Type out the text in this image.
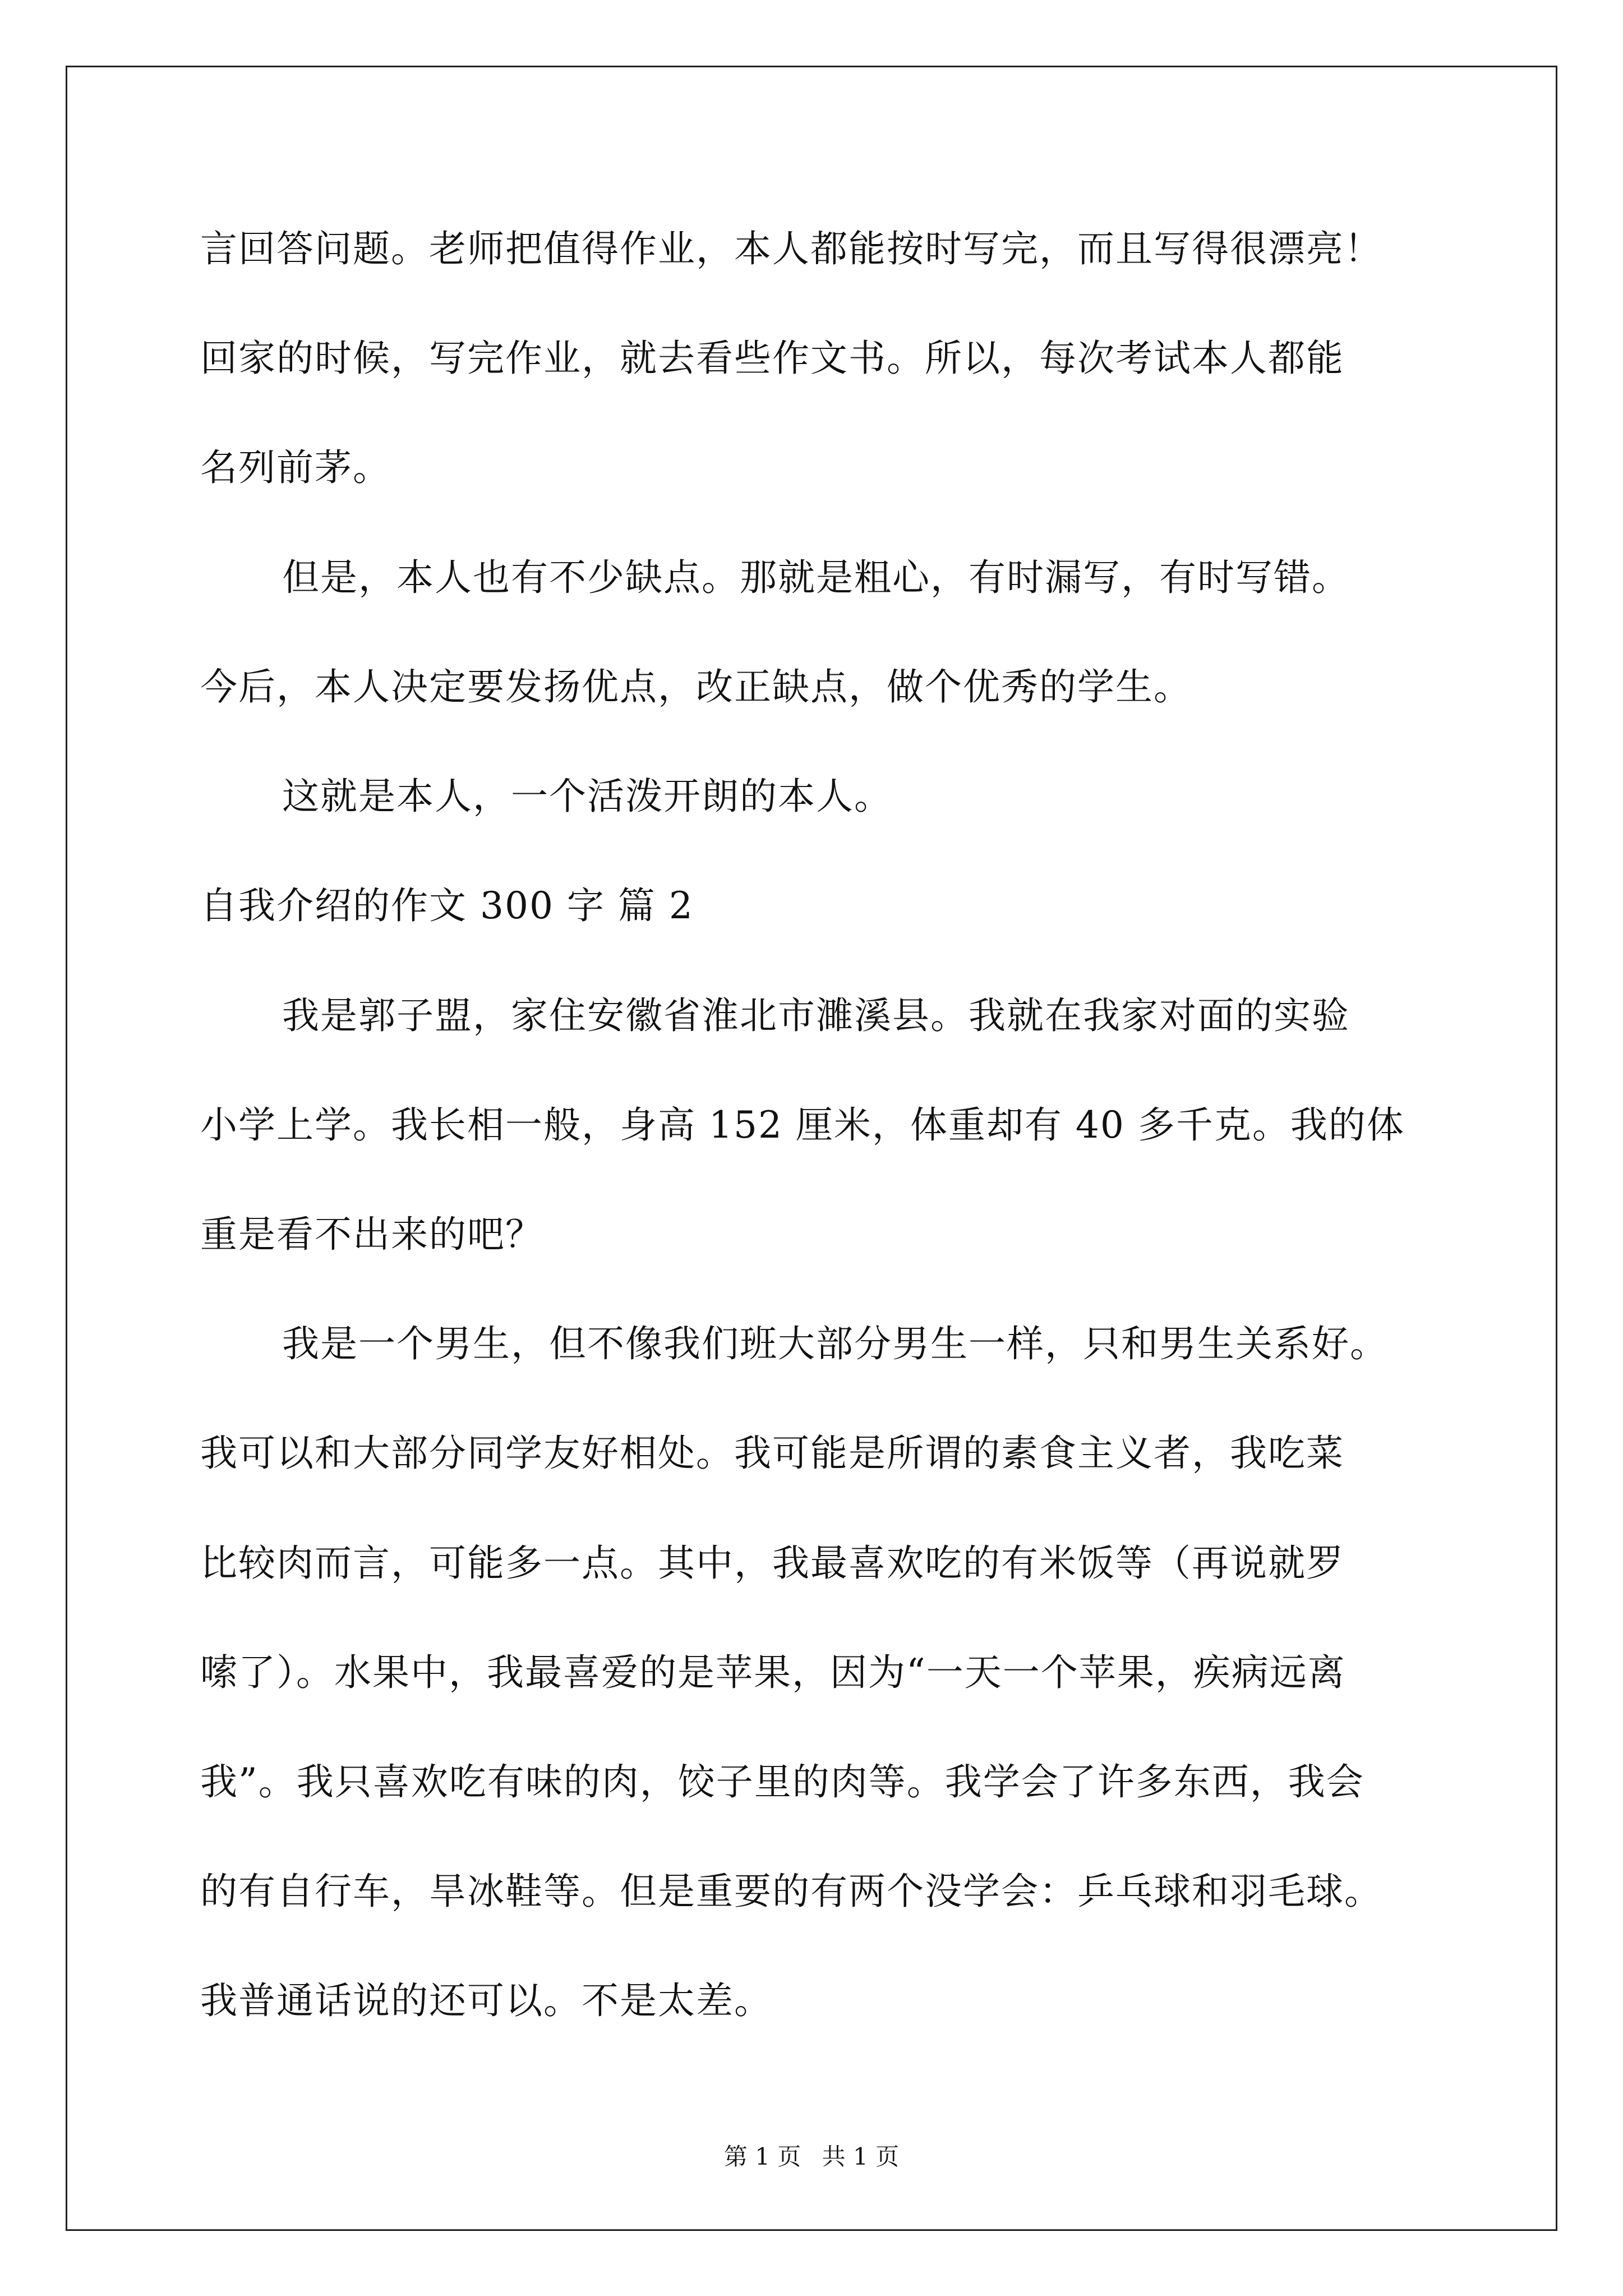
言回答问题。老师把值得作业，本人都能按时写完，而且写得很漂亮！
回家的时候，写完作业，就去看些作文书。所以，每次考试本人都能
名列前茅。
但是，本人也有不少缺点。那就是粗心，有时漏写，有时写错。
今后，本人决定要发扬优点，改正缺点，做个优秀的学生。
这就是本人，一个活泼开朗的本人。
自我介绍的作文 300 字 篇 2
我是郭子盟，家住安徽省淮北市濉溪县。我就在我家对面的实验
小学上学。我长相一般，身高 152 厘米，体重却有 40 多千克。我的体
重是看不出来的吧？
我是一个男生，但不像我们班大部分男生一样，只和男生关系好。
我可以和大部分同学友好相处。我可能是所谓的素食主义者，我吃菜
比较肉而言，可能多一点。其中，我最喜欢吃的有米饭等（再说就罗
嗦了）。水果中，我最喜爱的是苹果，因为“一天一个苹果，疾病远离
我”。我只喜欢吃有味的肉，饺子里的肉等。我学会了许多东西，我会
的有自行车，旱冰鞋等。但是重要的有两个没学会：乒乓球和羽毛球。
我普通话说的还可以。不是太差。
第 1 页 共 1 页
